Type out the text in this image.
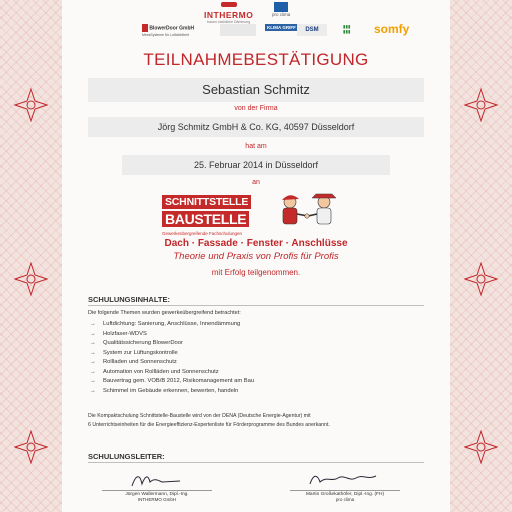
INTHERMO
bauen natürliche Dämmung
pro clima
BlowerDoor GmbH
MessSysteme für Luftdichtheit
KLIMA GRIFF	DSM
▮▮▮
▮▮▮ somfy
TEILNAHMEBESTÄTIGUNG
Sebastian Schmitz
von der Firma
Jörg Schmitz GmbH & Co. KG, 40597 Düsseldorf
hat am
25. Februar 2014 in Düsseldorf
an
SCHNITTSTELLE
BAUSTELLE
Gewerkeübergreifende Fachschulungen
Dach · Fassade · Fenster · Anschlüsse
Theorie und Praxis von Profis für Profis
mit Erfolg teilgenommen.
SCHULUNGSINHALTE:
Die folgende Themen wurden gewerkeübergreifend betrachtet:
→ Luftdichtung: Sanierung, Anschlüsse, Innendämmung
→ Holzfaser-WDVS
→ Qualitätssicherung BlowerDoor
→ System zur Lüftungskontrolle
→ Rollladen und Sonnenschutz
→ Automation von Rollläden und Sonnenschutz
→ Bauvertrag gem. VOB/B 2012, Risikomanagement am Bau
→ Schimmel im Gebäude erkennen, bewerten, handeln
Die Kompaktschulung Schnittstelle-Baustelle wird von der DENA (Deutsche Energie-Agentur) mit
6 Unterrichtseinheiten für die Energieeffizienz-Expertenliste für Förderprogramme des Bundes anerkannt.
SCHULUNGSLEITER:
Jürgen Wallermann, Dipl.-Ing.
INTHERMO GmbH
Martin Großekathöfer, Dipl.-Ing. (FH)
pro clima
